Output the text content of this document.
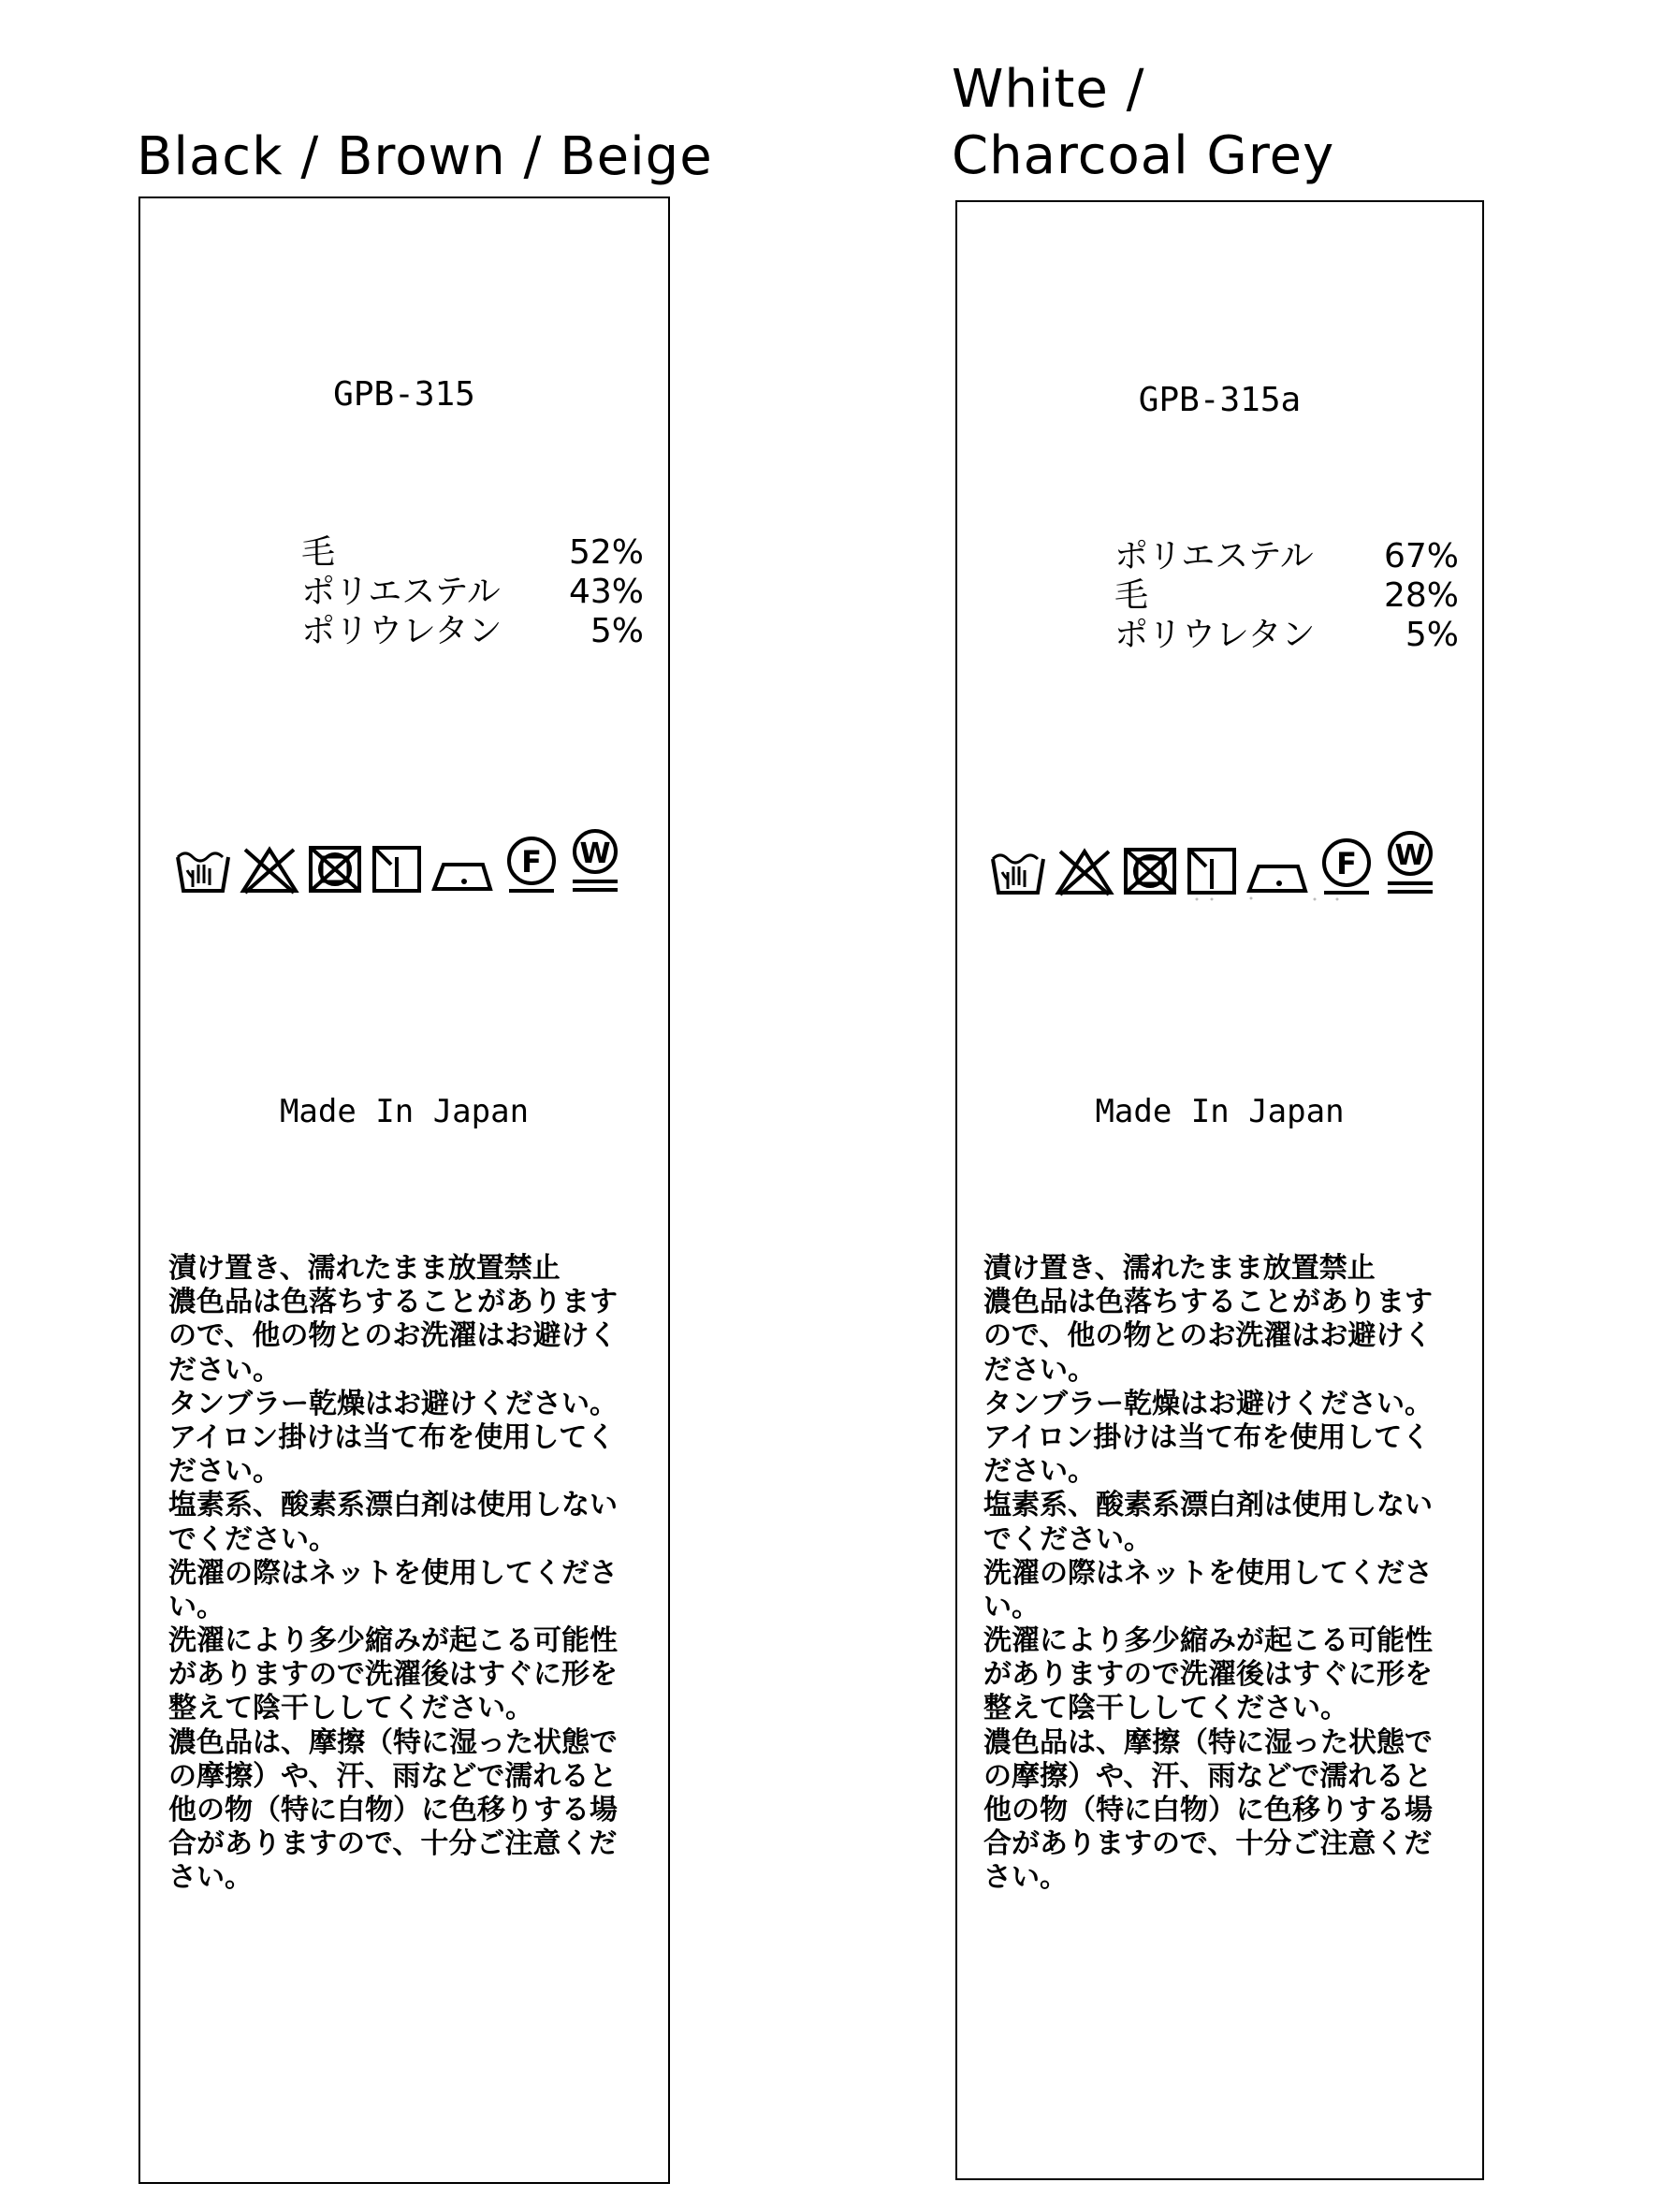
Black / Brown / Beige
GPB-315
毛	52%
ポリエステル 43%
ポリウレタン	5%
F W
Made In Japan
漬け置き、濡れたまま放置禁止
濃色品は色落ちすることがあります
ので、他の物とのお洗濯はお避けく
ださい。
タンブラー乾燥はお避けください。
アイロン掛けは当て布を使用してく
ださい。
塩素系、酸素系漂白剤は使用しない
でください。
洗濯の際はネットを使用してくださ
い。
洗濯により多少縮みが起こる可能性
がありますので洗濯後はすぐに形を
整えて陰干ししてください。
濃色品は、摩擦（特に湿った状態で
の摩擦）や、汗、雨などで濡れると
他の物（特に白物）に色移りする場
合がありますので、十分ご注意くだ
さい。
White /
Charcoal Grey
GPB-315a
ポリエステル 67%
毛	28%
ポリウレタン	5%
F W
Made In Japan
漬け置き、濡れたまま放置禁止
濃色品は色落ちすることがあります
ので、他の物とのお洗濯はお避けく
ださい。
タンブラー乾燥はお避けください。
アイロン掛けは当て布を使用してく
ださい。
塩素系、酸素系漂白剤は使用しない
でください。
洗濯の際はネットを使用してくださ
い。
洗濯により多少縮みが起こる可能性
がありますので洗濯後はすぐに形を
整えて陰干ししてください。
濃色品は、摩擦（特に湿った状態で
の摩擦）や、汗、雨などで濡れると
他の物（特に白物）に色移りする場
合がありますので、十分ご注意くだ
さい。
